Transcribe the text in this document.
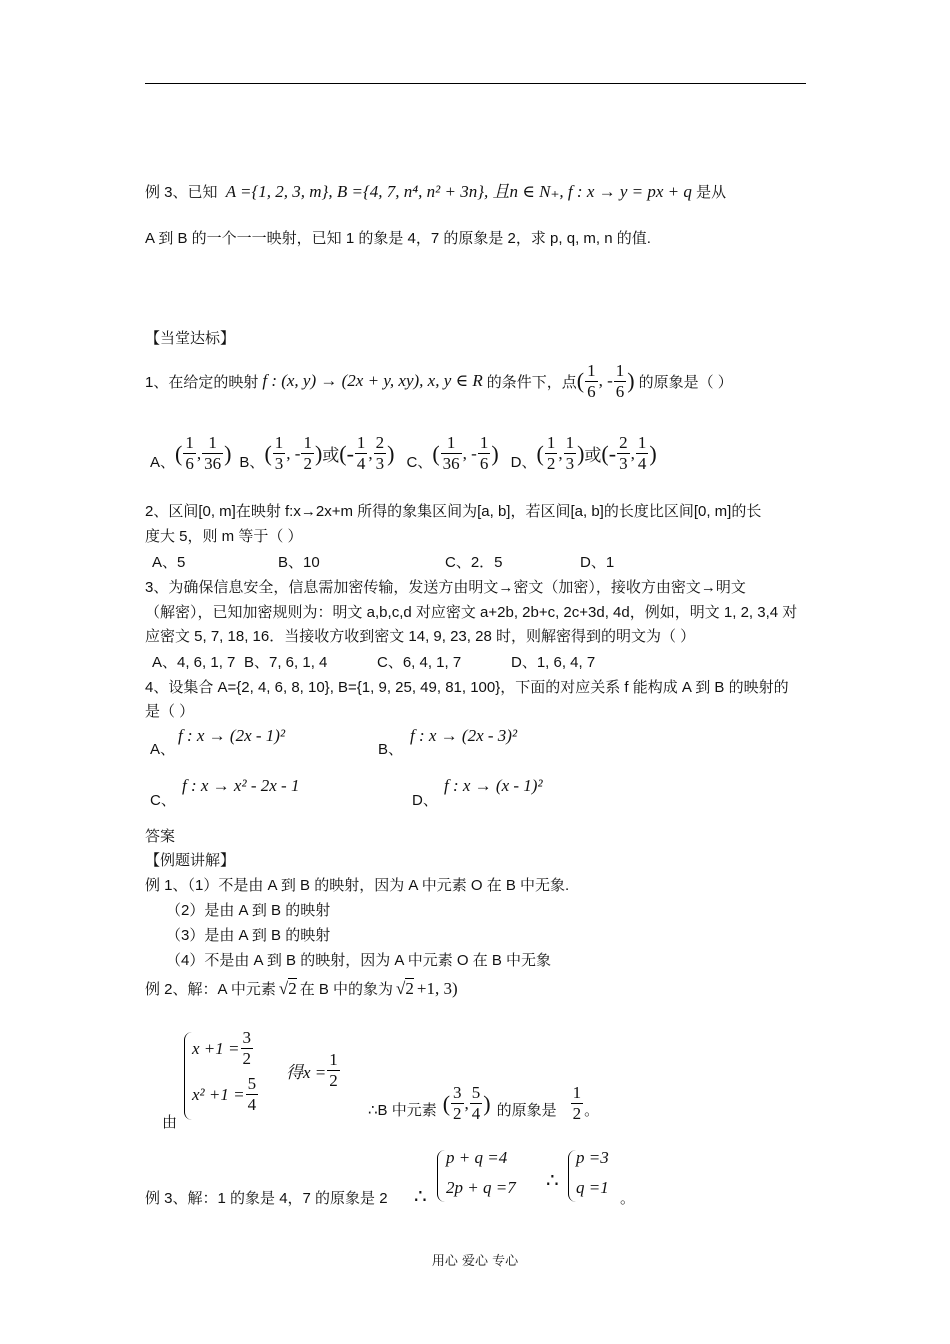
例 3、已知 A ={1, 2, 3, m}, B ={4, 7, n⁴, n² + 3n}, 且n ∈ N₊, f : x → y = px + q 是从
A 到 B 的一个一一映射，已知 1 的象是 4，7 的原象是 2，求 p, q, m, n 的值.
【当堂达标】
1、在给定的映射 f : (x, y) → (2x + y, xy), x, y ∈ R 的条件下，点 ( $\frac{1}{6}$ , - $\frac{1}{6}$ ) 的原象是（ ）
A、 ( $\frac{1}{6}$ , $\frac{1}{36}$ ) B、 ( $\frac{1}{3}$ , - $\frac{1}{2}$ ) 或 (- $\frac{1}{4}$ , $\frac{2}{3}$ ) C、 ( $\frac{1}{36}$ , - $\frac{1}{6}$ ) D、 ( $\frac{1}{2}$ , $\frac{1}{3}$ ) 或 (- $\frac{2}{3}$ , $\frac{1}{4}$ )
2、区间[0, m]在映射 f:x→2x+m 所得的象集区间为[a, b]，若区间[a, b]的长度比区间[0, m]的长
度大 5，则 m 等于（ ）
A、5	B、10	C、2．5	D、1
3、为确保信息安全，信息需加密传输，发送方由明文→密文（加密），接收方由密文→明文
（解密），已知加密规则为：明文 a,b,c,d 对应密文 a+2b, 2b+c, 2c+3d, 4d，例如，明文 1, 2, 3,4 对
应密文 5, 7, 18, 16．当接收方收到密文 14, 9, 23, 28 时，则解密得到的明文为（ ）
A、4, 6, 1, 7 B、7, 6, 1, 4	C、6, 4, 1, 7	D、1, 6, 4, 7
4、设集合 A={2, 4, 6, 8, 10}, B={1, 9, 25, 49, 81, 100}，下面的对应关系 f 能构成 A 到 B 的映射的
是（ ）
A、
f : x → (2x - 1)²
B、
f : x → (2x - 3)²
C、
f : x → x² - 2x - 1
D、
f : x → (x - 1)²
答案
【例题讲解】
例 1、（1）不是由 A 到 B 的映射，因为 A 中元素 O 在 B 中无象.
（2）是由 A 到 B 的映射
（3）是由 A 到 B 的映射
（4）不是由 A 到 B 的映射，因为 A 中元素 O 在 B 中无象
例 2、解：A 中元素 √2 在 B 中的象为 √2 +1, 3)
$x +1 = \frac{3}{2}$
$x^2 +1 = \frac{5}{4}$
得$x = \frac{1}{2}$
由
∴B 中元素 ( $\frac{3}{2}$ , $\frac{5}{4}$ ) 的原象是 $\frac{1}{2}$ 。
例 3、解：1 的象是 4，7 的原象是 2 ∴
p + q =4
2p + q =7 ∴
p =3
q =1
。
用心 爱心 专心
